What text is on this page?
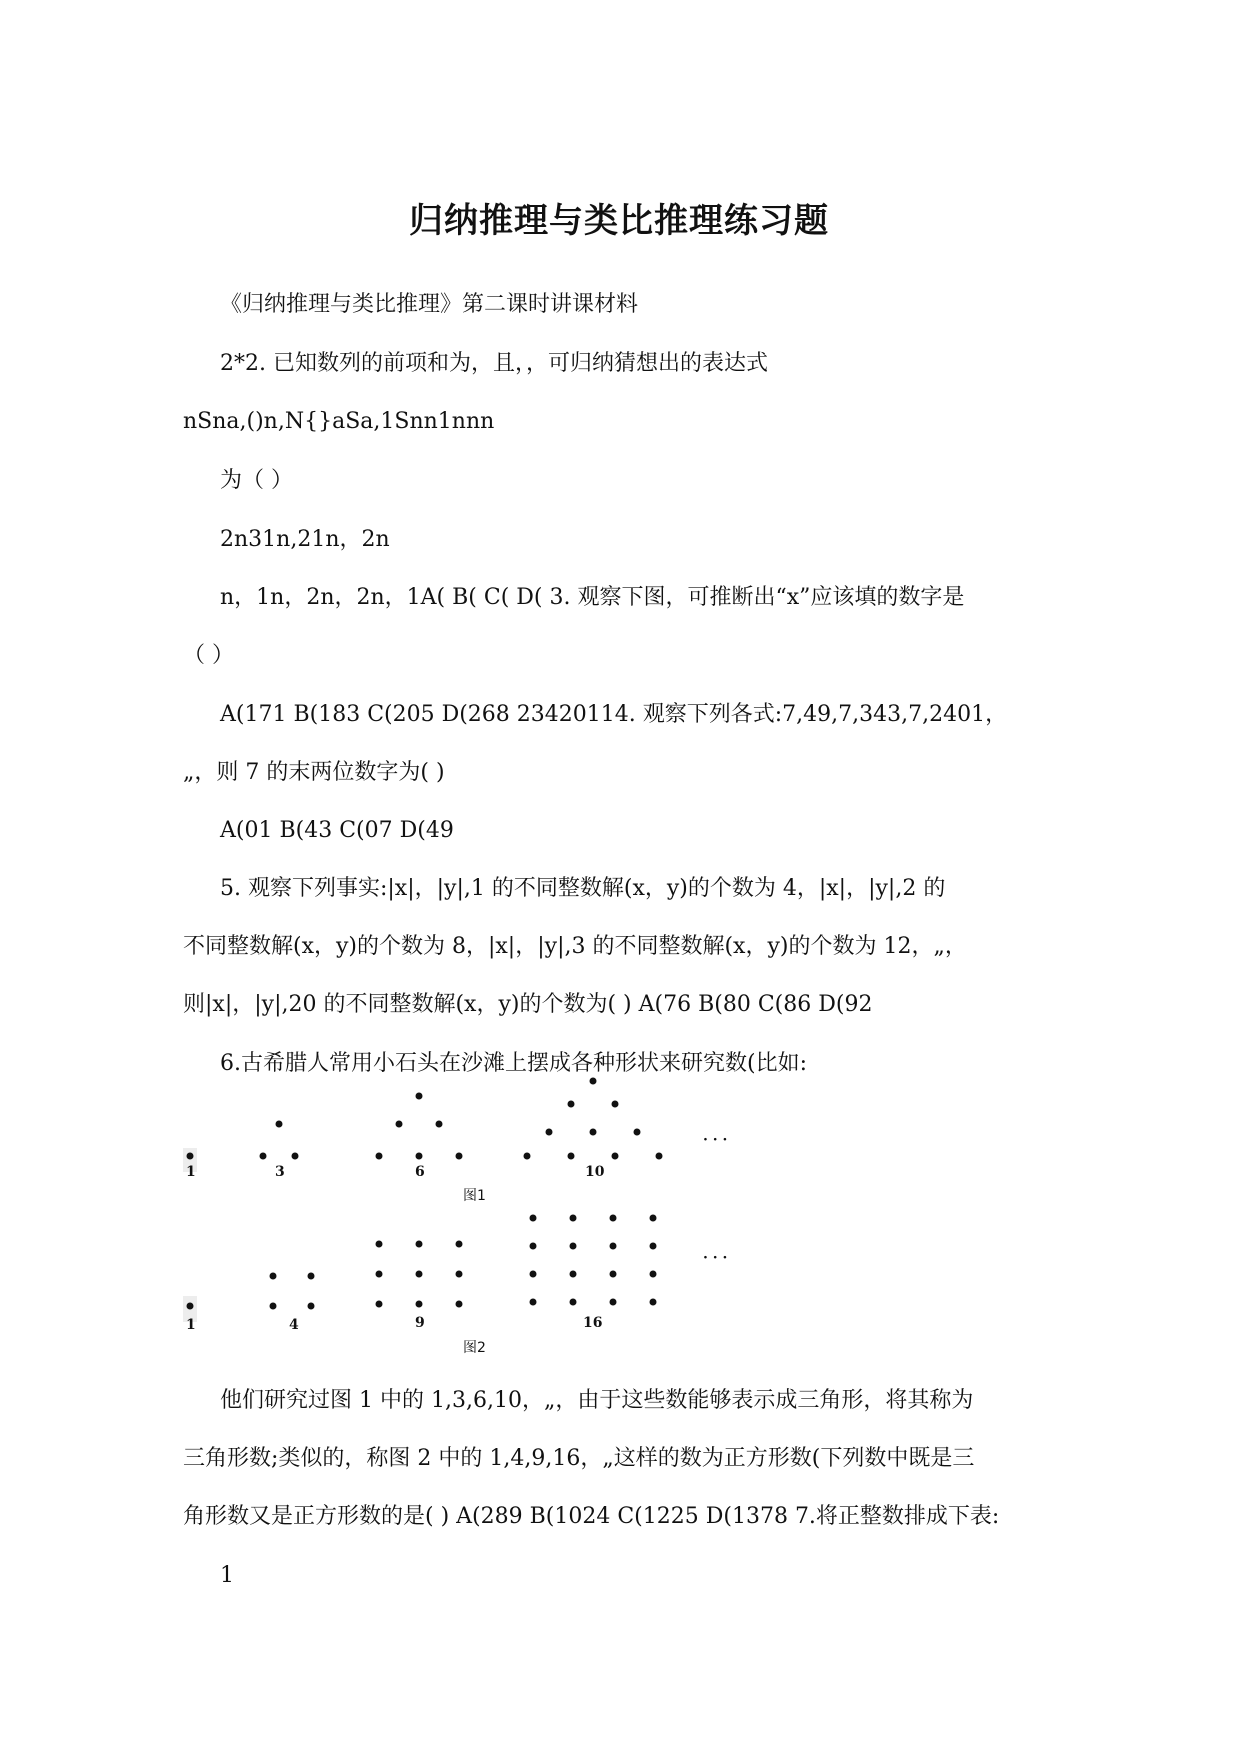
归纳推理与类比推理练习题
《归纳推理与类比推理》第二课时讲课材料
2*2. 已知数列的前项和为，且，，可归纳猜想出的表达式
nSna,()n,N{}aSa,1Snn1nnn
为（ ）
2n31n,21n，2n
n，1n，2n，2n，1A( B( C( D( 3. 观察下图，可推断出“x”应该填的数字是
（ ）
A(171 B(183 C(205 D(268 23420114. 观察下列各式:7,49,7,343,7,2401，
„，则 7 的末两位数字为( )
A(01 B(43 C(07 D(49
5. 观察下列事实:|x|，|y|,1 的不同整数解(x，y)的个数为 4，|x|，|y|,2 的
不同整数解(x，y)的个数为 8，|x|，|y|,3 的不同整数解(x，y)的个数为 12，„，
则|x|，|y|,20 的不同整数解(x，y)的个数为( ) A(76 B(80 C(86 D(92
6.古希腊人常用小石头在沙滩上摆成各种形状来研究数(比如:
1	3	6	10
图1
· · ·
1	4	9	16
图2
· · ·
他们研究过图 1 中的 1,3,6,10，„，由于这些数能够表示成三角形，将其称为
三角形数;类似的，称图 2 中的 1,4,9,16，„这样的数为正方形数(下列数中既是三
角形数又是正方形数的是( ) A(289 B(1024 C(1225 D(1378 7.将正整数排成下表:
1
